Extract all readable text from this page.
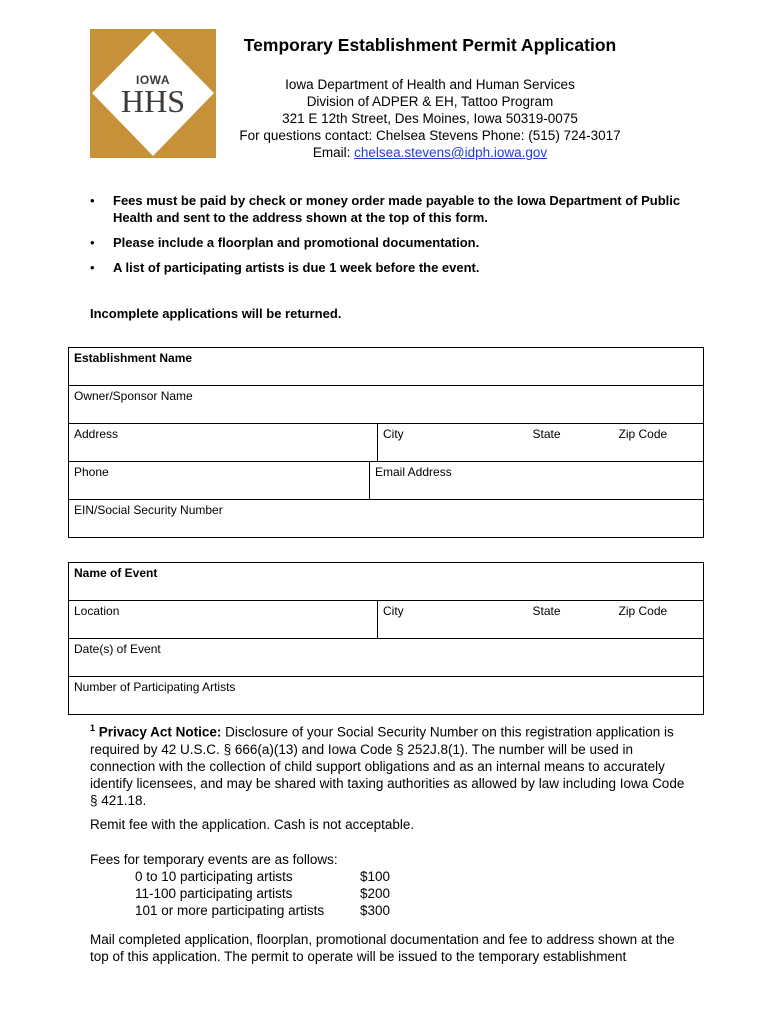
IOWA
HHS
Temporary Establishment Permit Application
Iowa Department of Health and Human Services
Division of ADPER & EH, Tattoo Program
321 E 12th Street, Des Moines, Iowa 50319-0075
For questions contact: Chelsea Stevens Phone: (515) 724-3017
Email: chelsea.stevens@idph.iowa.gov
• Fees must be paid by check or money order made payable to the Iowa Department of Public Health and sent to the address shown at the top of this form.
• Please include a floorplan and promotional documentation.
• A list of participating artists is due 1 week before the event.
Incomplete applications will be returned.
Establishment Name				
Owner/Sponsor Name				
Address		City	State	Zip Code
Phone	Email Address			
EIN/Social Security Number				
Name of Event
Location	City	State	Zip Code
Date(s) of Event
Number of Participating Artists
$^1$ Privacy Act Notice: Disclosure of your Social Security Number on this registration application is required by 42 U.S.C. § 666(a)(13) and Iowa Code § 252J.8(1). The number will be used in connection with the collection of child support obligations and as an internal means to accurately identify licensees, and may be shared with taxing authorities as allowed by law including Iowa Code § 421.18.
Remit fee with the application. Cash is not acceptable.
Fees for temporary events are as follows:
0 to 10 participating artists	$100
11-100 participating artists	$200
101 or more participating artists	$300
Mail completed application, floorplan, promotional documentation and fee to address shown at the top of this application. The permit to operate will be issued to the temporary establishment
